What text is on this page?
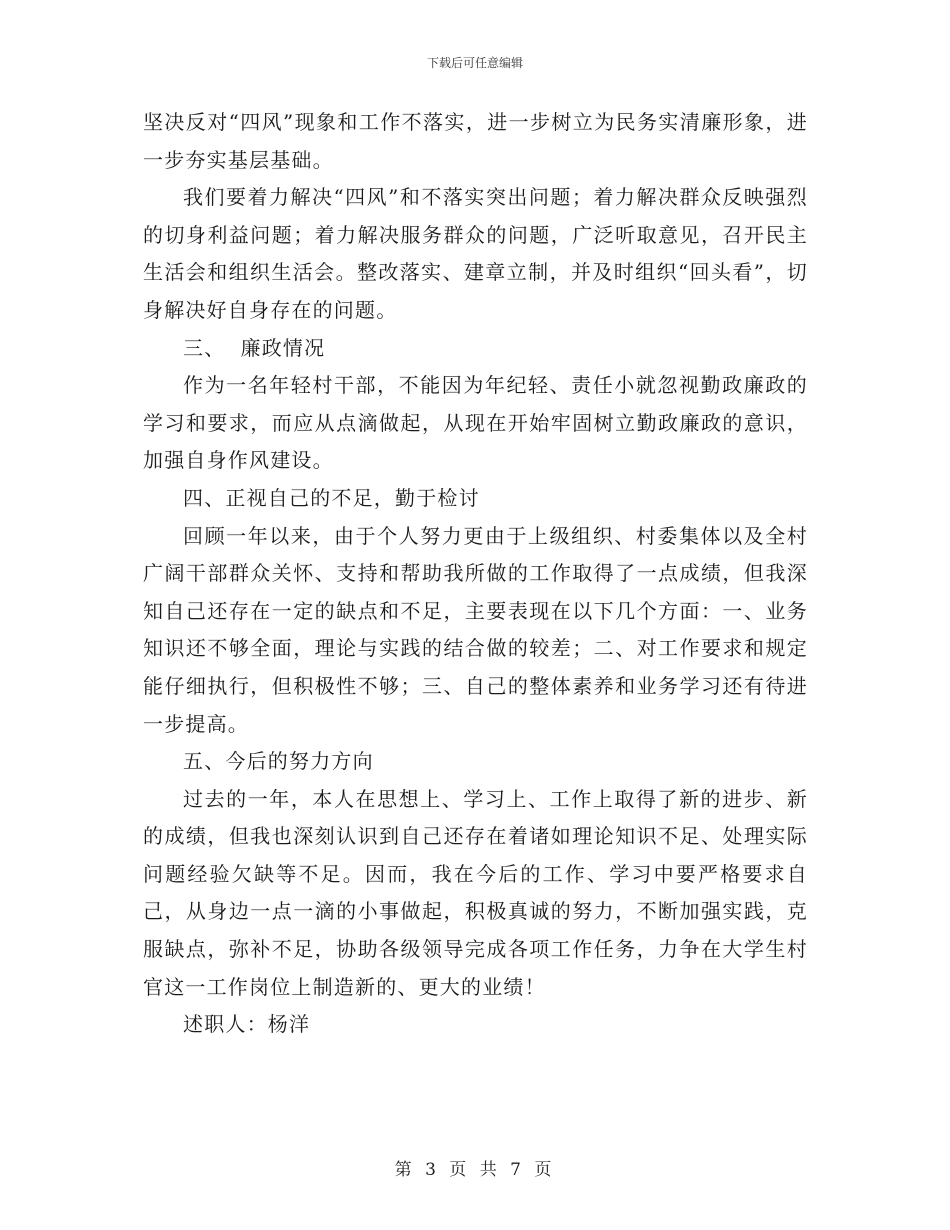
下载后可任意编辑

坚决反对“四风”现象和工作不落实，进一步树立为民务实清廉形象，进一步夯实基层基础。

我们要着力解决“四风”和不落实突出问题；着力解决群众反映强烈的切身利益问题；着力解决服务群众的问题，广泛听取意见，召开民主生活会和组织生活会。整改落实、建章立制，并及时组织“回头看”，切身解决好自身存在的问题。

三、  廉政情况

作为一名年轻村干部，不能因为年纪轻、责任小就忽视勤政廉政的学习和要求，而应从点滴做起，从现在开始牢固树立勤政廉政的意识，加强自身作风建设。

四、正视自己的不足，勤于检讨

回顾一年以来，由于个人努力更由于上级组织、村委集体以及全村广阔干部群众关怀、支持和帮助我所做的工作取得了一点成绩，但我深知自己还存在一定的缺点和不足，主要表现在以下几个方面：一、业务知识还不够全面，理论与实践的结合做的较差；二、对工作要求和规定能仔细执行，但积极性不够；三、自己的整体素养和业务学习还有待进一步提高。

五、今后的努力方向

过去的一年，本人在思想上、学习上、工作上取得了新的进步、新的成绩，但我也深刻认识到自己还存在着诸如理论知识不足、处理实际问题经验欠缺等不足。因而，我在今后的工作、学习中要严格要求自己，从身边一点一滴的小事做起，积极真诚的努力，不断加强实践，克服缺点，弥补不足，协助各级领导完成各项工作任务，力争在大学生村官这一工作岗位上制造新的、更大的业绩！

述职人：杨洋

第 3 页 共 7 页
